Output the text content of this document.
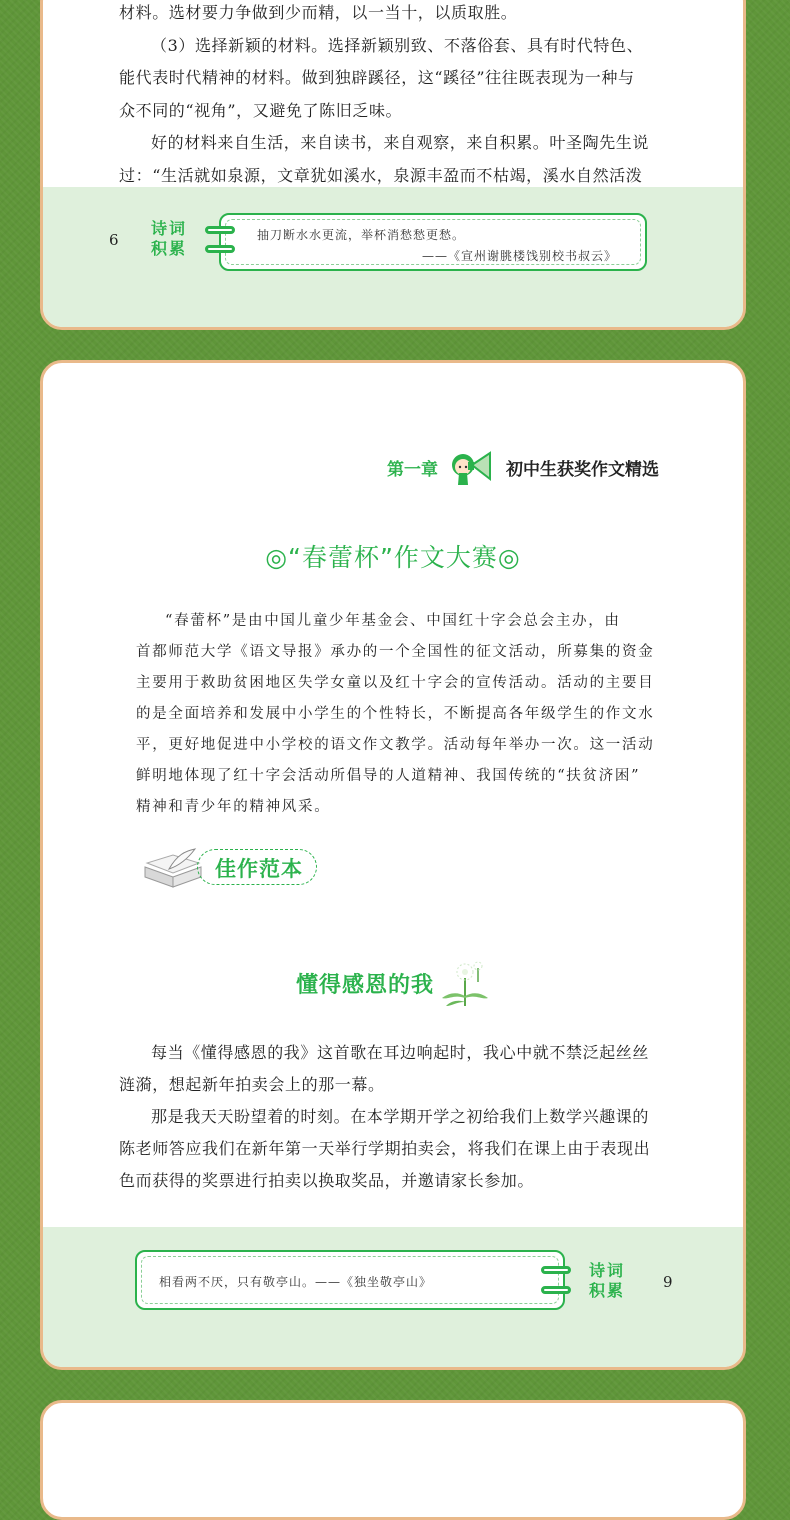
材料。选材要力争做到少而精，以一当十，以质取胜。

（3）选择新颖的材料。选择新颖别致、不落俗套、具有时代特色、

能代表时代精神的材料。做到独辟蹊径，这“蹊径”往往既表现为一种与

众不同的“视角”，又避免了陈旧乏味。

好的材料来自生活，来自读书，来自观察，来自积累。叶圣陶先生说

过：“生活就如泉源，文章犹如溪水，泉源丰盈而不枯竭，溪水自然活泼

6
诗词
积累
抽刀断水水更流，举杯消愁愁更愁。
——《宣州谢朓楼饯别校书叔云》
第一章	初中生获奖作文精选
◎“春蕾杯”作文大赛◎

“春蕾杯”是由中国儿童少年基金会、中国红十字会总会主办，由

首都师范大学《语文导报》承办的一个全国性的征文活动，所募集的资金

主要用于救助贫困地区失学女童以及红十字会的宣传活动。活动的主要目

的是全面培养和发展中小学生的个性特长，不断提高各年级学生的作文水

平，更好地促进中小学校的语文作文教学。活动每年举办一次。这一活动

鲜明地体现了红十字会活动所倡导的人道精神、我国传统的“扶贫济困”

精神和青少年的精神风采。

佳作范本
懂得感恩的我

每当《懂得感恩的我》这首歌在耳边响起时，我心中就不禁泛起丝丝

涟漪，想起新年拍卖会上的那一幕。

那是我天天盼望着的时刻。在本学期开学之初给我们上数学兴趣课的

陈老师答应我们在新年第一天举行学期拍卖会，将我们在课上由于表现出

色而获得的奖票进行拍卖以换取奖品，并邀请家长参加。

相看两不厌，只有敬亭山。——《独坐敬亭山》
诗词
积累	9
